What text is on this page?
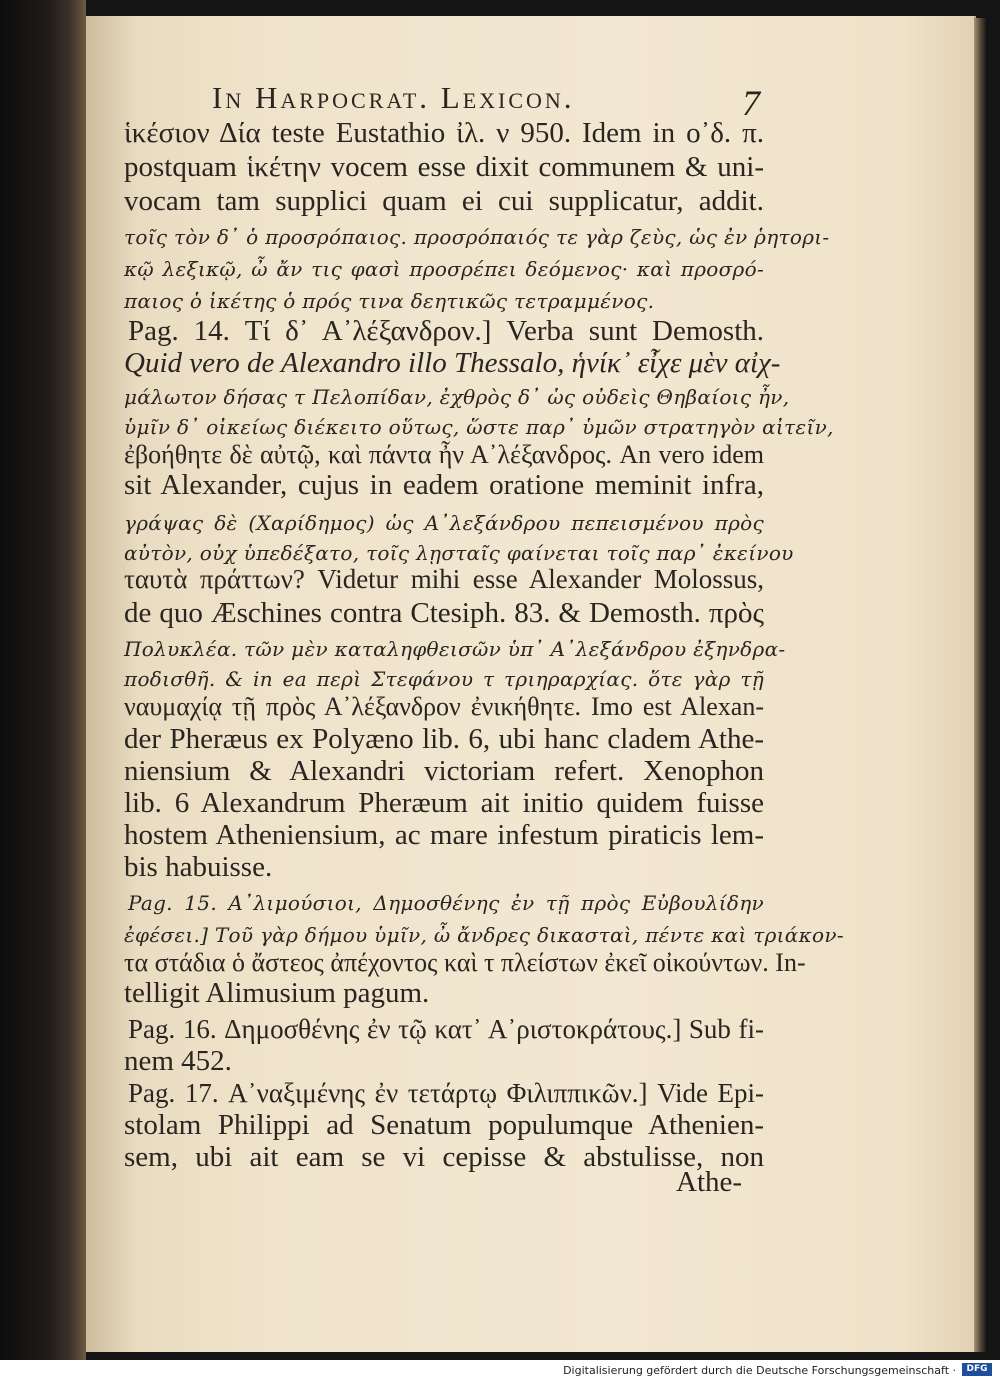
In Harpocrat. Lexicon.	7
ἱκέσιον Δία teste Eustathio ἰλ. ν 950. Idem in ο᾽δ. π.
postquam ἱκέτην vocem esse dixit communem & uni-
vocam tam supplici quam ei cui supplicatur, addit.
τοῖς τὸν δ᾽ ὁ προσρόπαιος. προσρόπαιός τε γὰρ ζεὺς, ὡς ἐν ῥητορι-
κῷ λεξικῷ, ὦ ἄν τις φασὶ προσρέπει δεόμενος· καὶ προσρό-
παιος ὁ ἱκέτης ὁ πρός τινα δεητικῶς τετραμμένος.
Pag. 14. Τί δ᾽ Α᾽λέξανδρον.] Verba sunt Demosth.
Quid vero de Alexandro illo Thessalo, ἡνίκ᾽ εἶχε μὲν αἰχ-
μάλωτον δήσας τ Πελοπίδαν, ἐχθρὸς δ᾽ ὡς οὐδεὶς Θηβαίοις ἦν,
ὑμῖν δ᾽ οἰκείως διέκειτο οὕτως, ὥστε παρ᾽ ὑμῶν στρατηγὸν αἰτεῖν,
ἐβοήθητε δὲ αὐτῷ, καὶ πάντα ἦν Α᾽λέξανδρος. An vero idem
sit Alexander, cujus in eadem oratione meminit infra,
γράψας δὲ (Χαρίδημος) ὡς Α᾽λεξάνδρου πεπεισμένου πρὸς
αὐτὸν, οὐχ ὑπεδέξατο, τοῖς λῃσταῖς φαίνεται τοῖς παρ᾽ ἐκείνου
ταυτὰ πράττων? Videtur mihi esse Alexander Molossus,
de quo Æschines contra Ctesiph. 83. & Demosth. πρὸς
Πολυκλέα. τῶν μὲν καταληφθεισῶν ὑπ᾽ Α᾽λεξάνδρου ἐξηνδρα-
ποδισθῆ. & in ea περὶ Στεφάνου τ τριηραρχίας. ὅτε γὰρ τῇ
ναυμαχίᾳ τῇ πρὸς Α᾽λέξανδρον ἐνικήθητε. Imo est Alexan-
der Pheræus ex Polyæno lib. 6, ubi hanc cladem Athe-
niensium & Alexandri victoriam refert. Xenophon
lib. 6 Alexandrum Pheræum ait initio quidem fuisse
hostem Atheniensium, ac mare infestum piraticis lem-
bis habuisse.
Pag. 15. Α᾽λιμούσιοι, Δημοσθένης ἐν τῇ πρὸς Εὐβουλίδην
ἐφέσει.] Τοῦ γὰρ δήμου ὑμῖν, ὦ ἄνδρες δικασταὶ, πέντε καὶ τριάκον-
τα στάδια ὁ ἄστεος ἀπέχοντος καὶ τ πλείστων ἐκεῖ οἰκούντων. In-
telligit Alimusium pagum.
Pag. 16. Δημοσθένης ἐν τῷ κατ᾽ Α᾽ριστοκράτους.] Sub fi-
nem 452.
Pag. 17. Α᾽ναξιμένης ἐν τετάρτῳ Φιλιππικῶν.] Vide Epi-
stolam Philippi ad Senatum populumque Athenien-
sem, ubi ait eam se vi cepisse & abstulisse, non
Athe-
Digitalisierung gefördert durch die Deutsche Forschungsgemeinschaft ·	DFG
